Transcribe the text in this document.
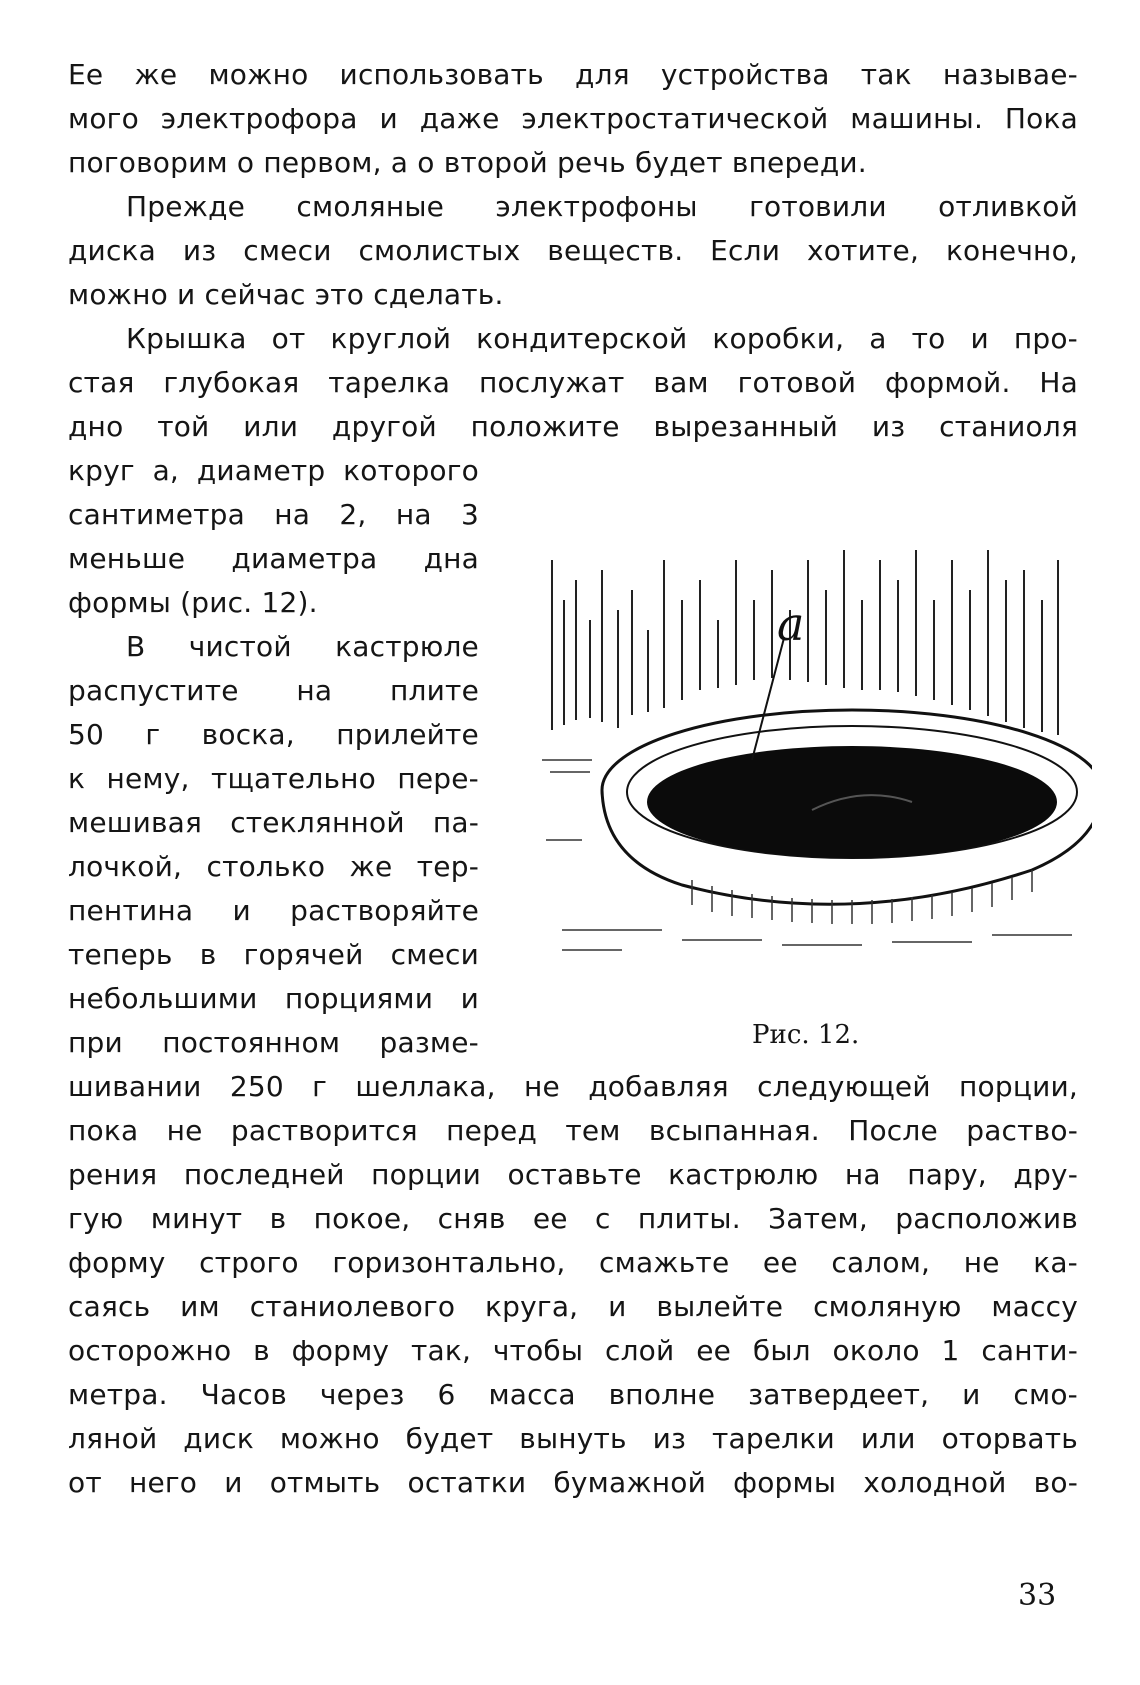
Ее же можно использовать для устройства так называе-
мого электрофора и даже электростатической машины. Пока
поговорим о первом, а о второй речь будет впереди.
Прежде смоляные электрофоны готовили отливкой
диска из смеси смолистых веществ. Если хотите, конечно,
можно и сейчас это сделать.
Крышка от круглой кондитерской коробки, а то и про-
стая глубокая тарелка послужат вам готовой формой. На
дно той или другой положите вырезанный из станиоля
круг а, диаметр которого
сантиметра на 2, на 3
меньше диаметра дна
формы (рис. 12).
В чистой кастрюле
распустите на плите
50 г воска, прилейте
к нему, тщательно пере-
мешивая стеклянной па-
лочкой, столько же тер-
пентина и растворяйте
теперь в горячей смеси
небольшими порциями и
при постоянном разме-
шивании 250 г шеллака, не добавляя следующей порции,
пока не растворится перед тем всыпанная. После раство-
рения последней порции оставьте кастрюлю на пару, дру-
гую минут в покое, сняв ее с плиты. Затем, расположив
форму строго горизонтально, смажьте ее салом, не ка-
саясь им станиолевого круга, и вылейте смоляную массу
осторожно в форму так, чтобы слой ее был около 1 санти-
метра. Часов через 6 масса вполне затвердеет, и смо-
ляной диск можно будет вынуть из тарелки или оторвать
от него и отмыть остатки бумажной формы холодной во-
а
Рис. 12.
33
